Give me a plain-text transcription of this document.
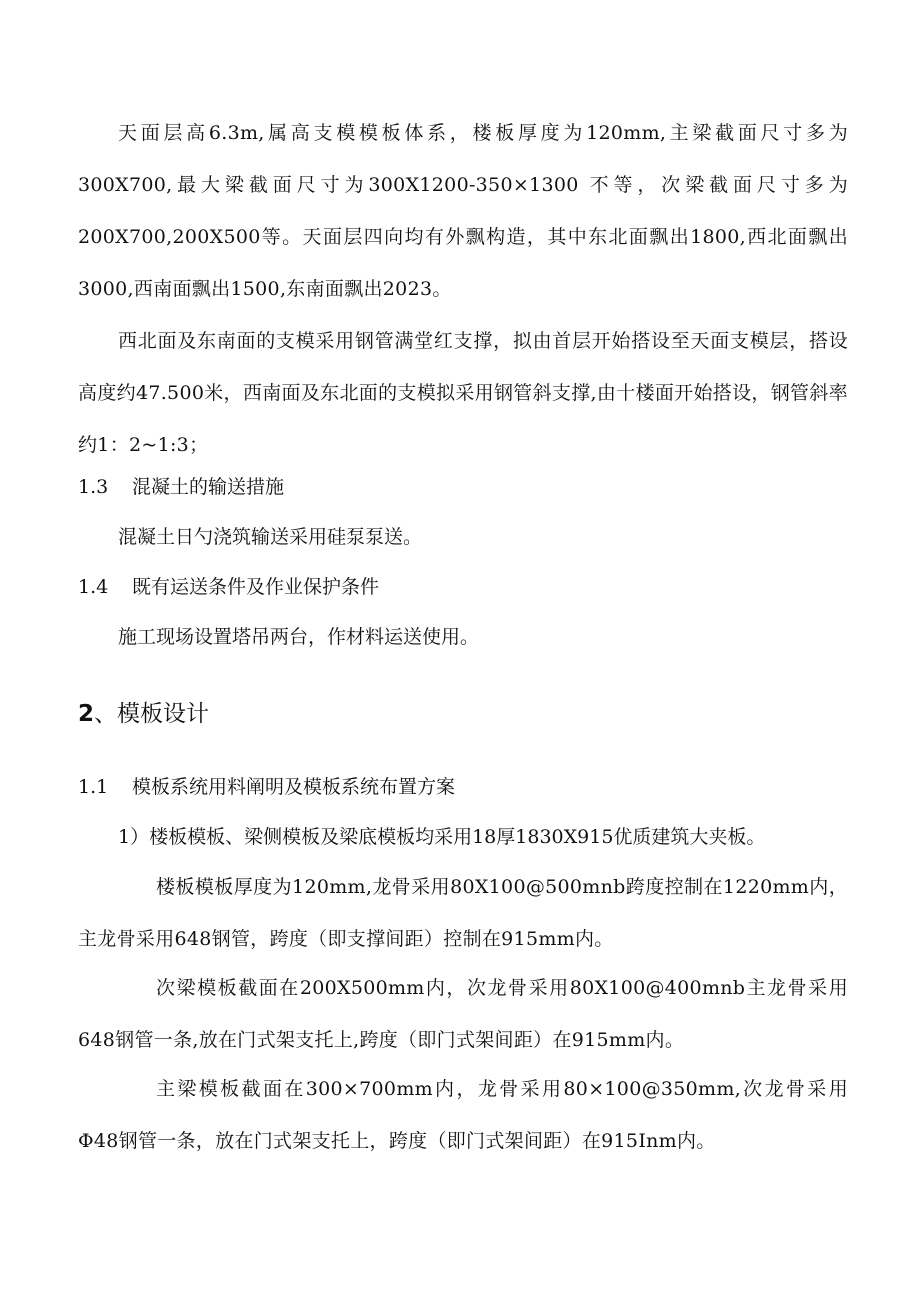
天面层高6.3m,属高支模模板体系，楼板厚度为120mm,主梁截面尺寸多为300X700,最大梁截面尺寸为300X1200-350×1300 不等，次梁截面尺寸多为200X700,200X500等。天面层四向均有外飘构造，其中东北面飘出1800,西北面飘出3000,西南面飘出1500,东南面飘出2023。

西北面及东南面的支模采用钢管满堂红支撑，拟由首层开始搭设至天面支模层，搭设高度约47.500米，西南面及东北面的支模拟采用钢管斜支撑,由十楼面开始搭设，钢管斜率约1：2~1:3；

1.3 混凝土的输送措施

混凝土日勺浇筑输送采用硅泵泵送。

1.4 既有运送条件及作业保护条件

施工现场设置塔吊两台，作材料运送使用。

2、模板设计

1.1 模板系统用料阐明及模板系统布置方案

1）楼板模板、梁侧模板及梁底模板均采用18厚1830X915优质建筑大夹板。

楼板模板厚度为120mm,龙骨采用80X100@500mnb跨度控制在1220mm内，主龙骨采用648钢管，跨度（即支撑间距）控制在915mm内。

次梁模板截面在200X500mm内，次龙骨采用80X100@400mnb主龙骨采用648钢管一条,放在门式架支托上,跨度（即门式架间距）在915mm内。

主梁模板截面在300×700mm内，龙骨采用80×100@350mm,次龙骨采用Φ48钢管一条，放在门式架支托上，跨度（即门式架间距）在915Inm内。
